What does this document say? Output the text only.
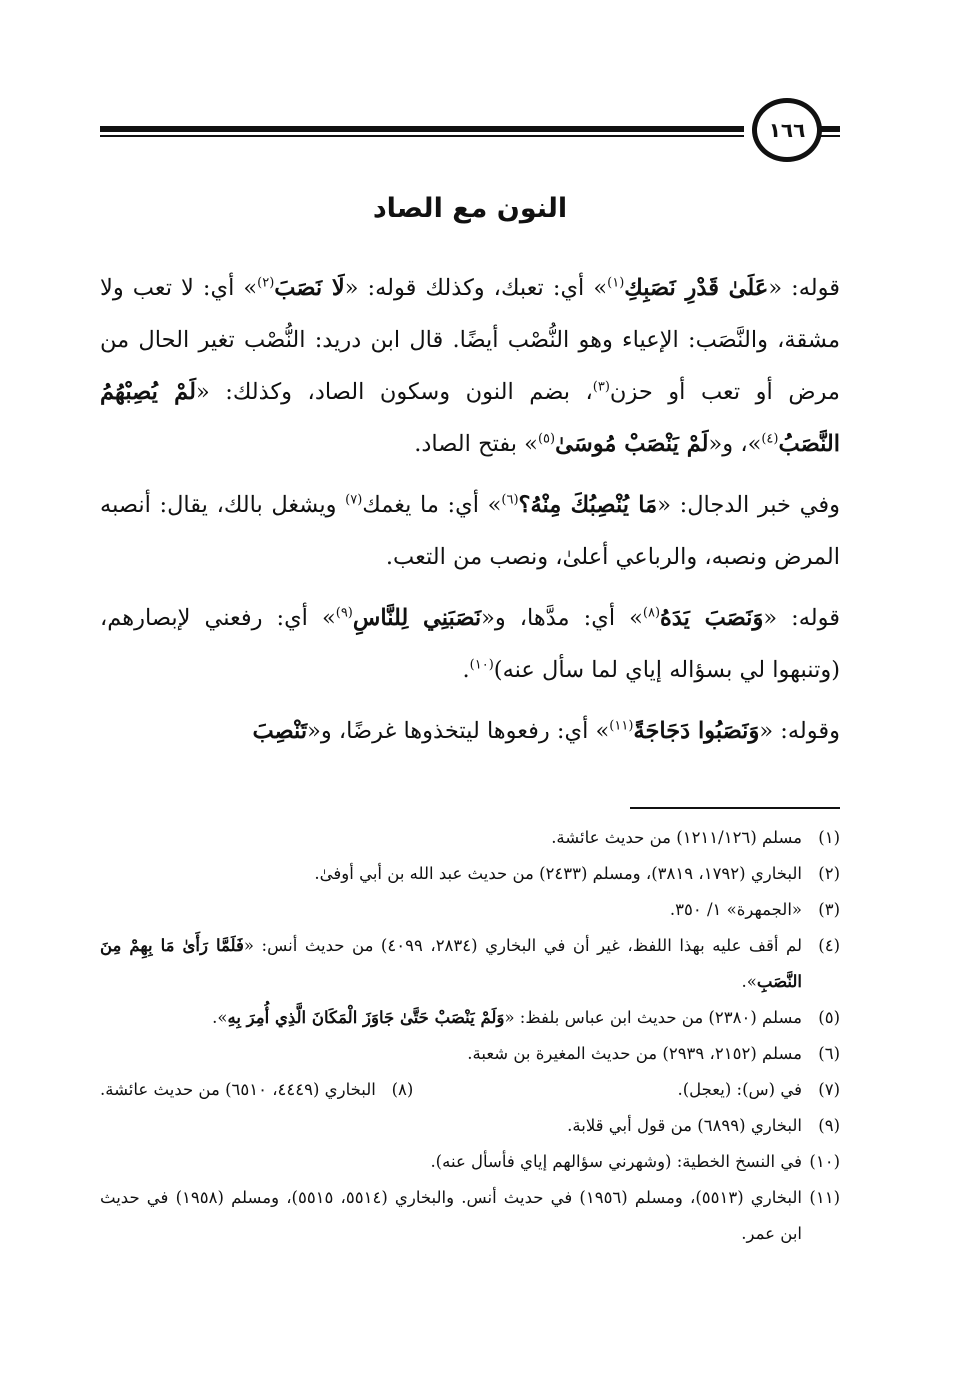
١٦٦
النون مع الصاد

قوله: «عَلَىٰ قَدْرِ نَصَبِكِ$^{(١)}$» أي: تعبك، وكذلك قوله: «لَا نَصَبَ$^{(٢)}$» أي: لا تعب ولا مشقة، والنَّصَب: الإعياء وهو النُّصْب أيضًا. قال ابن دريد: النُّصْب تغير الحال من مرض أو تعب أو حزن$^{(٣)}$، بضم النون وسكون الصاد، وكذلك: «لَمْ يُصِبْهُمُ النَّصَبُ$^{(٤)}$»، و«لَمْ يَنْصَبْ مُوسَىٰ$^{(٥)}$» بفتح الصاد.

وفي خبر الدجال: «مَا يُنْصِبُكَ مِنْهُ؟$^{(٦)}$» أي: ما يغمك$^{(٧)}$ ويشغل بالك، يقال: أنصبه المرض ونصبه، والرباعي أعلىٰ، ونصب من التعب.

قوله: «وَنَصَبَ يَدَهُ$^{(٨)}$» أي: مدَّها، و«نَصَبَنِي لِلنَّاسِ$^{(٩)}$» أي: رفعني لإبصارهم، (وتنبهوا لي بسؤاله إياي لما سأل عنه)$^{(١٠)}$.

وقوله: «وَنَصَبُوا دَجَاجَةً$^{(١١)}$» أي: رفعوها ليتخذوها غرضًا، و«تَنْصِبَ

(١)
مسلم (١٢١١/١٢٦) من حديث عائشة.
(٢)
البخاري (١٧٩٢، ٣٨١٩)، ومسلم (٢٤٣٣) من حديث عبد الله بن أبي أوفىٰ.
(٣)
«الجمهرة» ١/ ٣٥٠.
(٤)
لم أقف عليه بهذا اللفظ، غير أن في البخاري (٢٨٣٤، ٤٠٩٩) من حديث أنس: «فَلَمَّا رَأَىٰ مَا بِهِمْ مِنَ النَّصَبِ».
(٥)
مسلم (٢٣٨٠) من حديث ابن عباس بلفظ: «وَلَمْ يَنْصَبْ حَتَّىٰ جَاوَزَ الْمَكَانَ الَّذِي أُمِرَ بِهِ».
(٦)
مسلم (٢١٥٢، ٢٩٣٩) من حديث المغيرة بن شعبة.
(٧)
في (س): (يعجل).
(٨)   البخاري (٤٤٤٩، ٦٥١٠) من حديث عائشة.
(٩)
البخاري (٦٨٩٩) من قول أبي قلابة.
(١٠)
في النسخ الخطية: (وشهرني سؤالهم إياي فأسأل عنه).
(١١)
البخاري (٥٥١٣)، ومسلم (١٩٥٦) في حديث أنس. والبخاري (٥٥١٤، ٥٥١٥)، ومسلم (١٩٥٨) في حديث ابن عمر.
